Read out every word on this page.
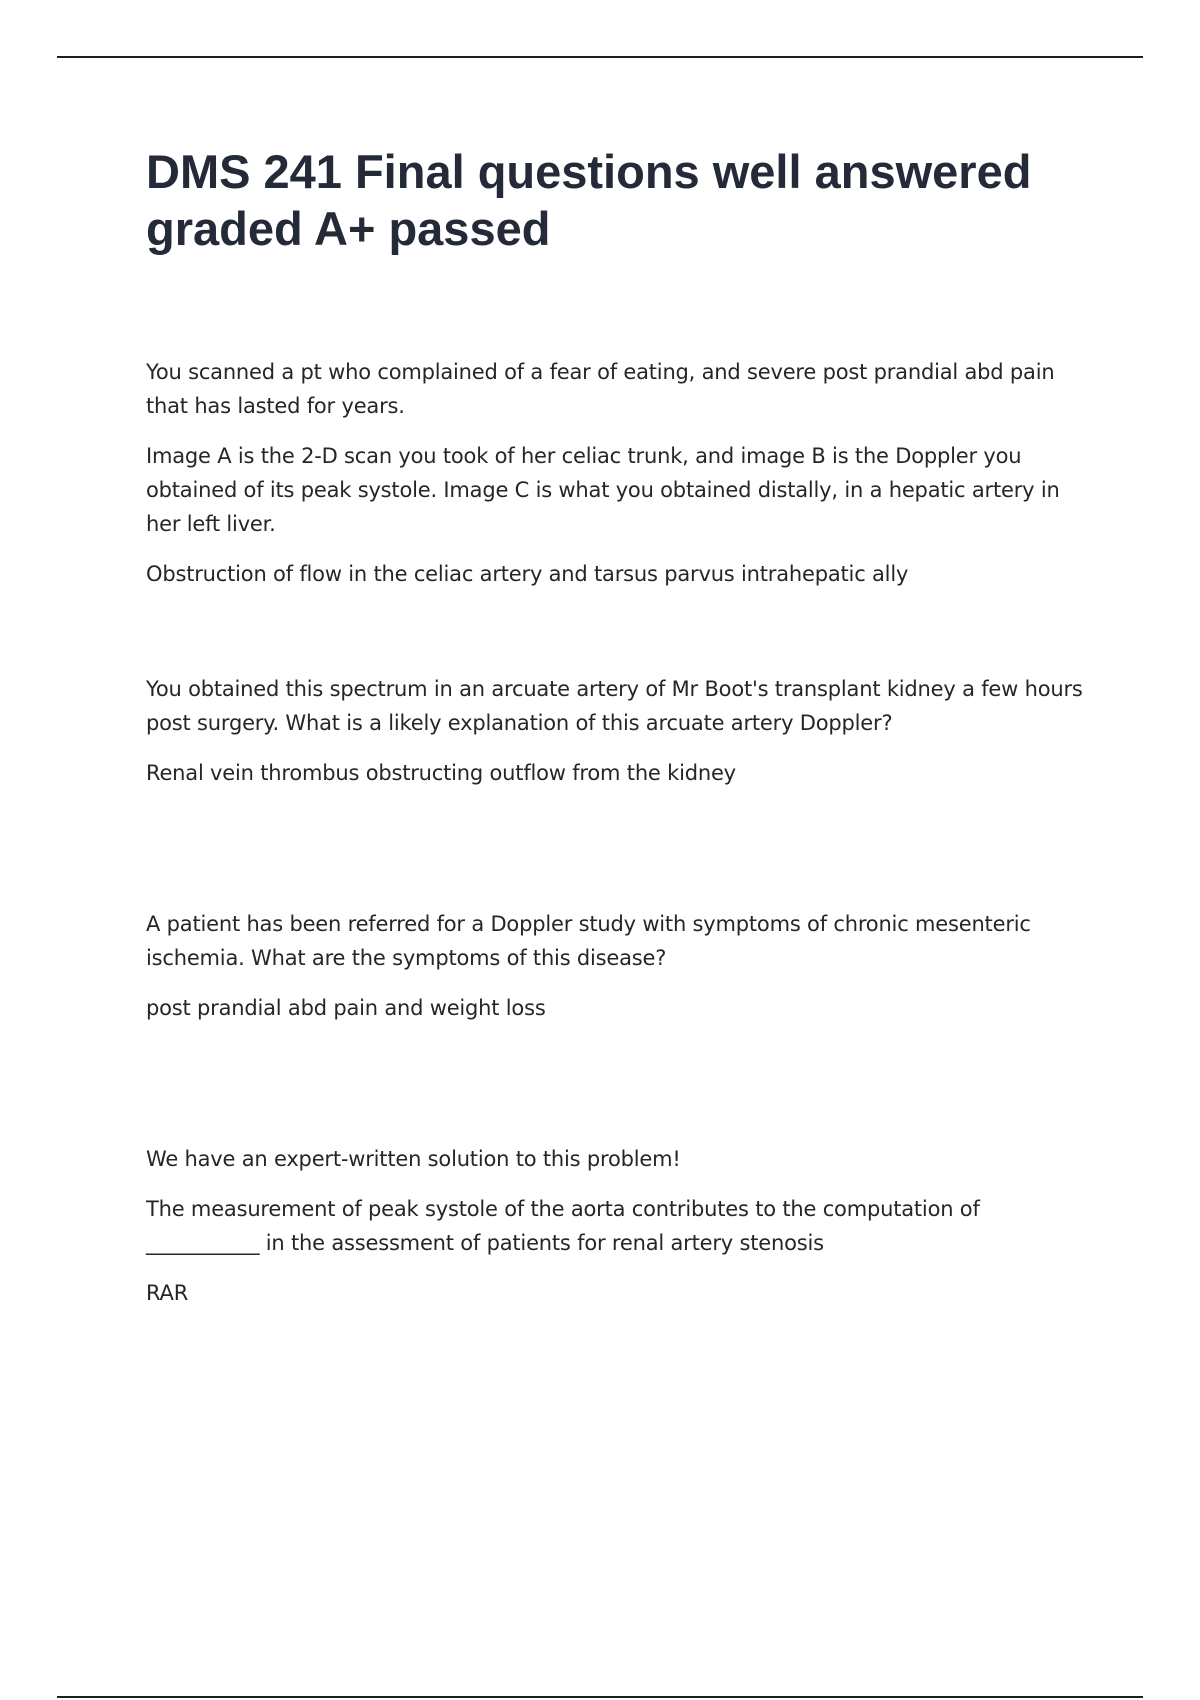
DMS 241 Final questions well answered graded A+ passed

You scanned a pt who complained of a fear of eating, and severe post prandial abd pain that has lasted for years.

Image A is the 2-D scan you took of her celiac trunk, and image B is the Doppler you obtained of its peak systole. Image C is what you obtained distally, in a hepatic artery in her left liver.

Obstruction of flow in the celiac artery and tarsus parvus intrahepatic ally

You obtained this spectrum in an arcuate artery of Mr Boot's transplant kidney a few hours post surgery. What is a likely explanation of this arcuate artery Doppler?

Renal vein thrombus obstructing outflow from the kidney

A patient has been referred for a Doppler study with symptoms of chronic mesenteric ischemia. What are the symptoms of this disease?

post prandial abd pain and weight loss

We have an expert-written solution to this problem!

The measurement of peak systole of the aorta contributes to the computation of ___________ in the assessment of patients for renal artery stenosis

RAR
